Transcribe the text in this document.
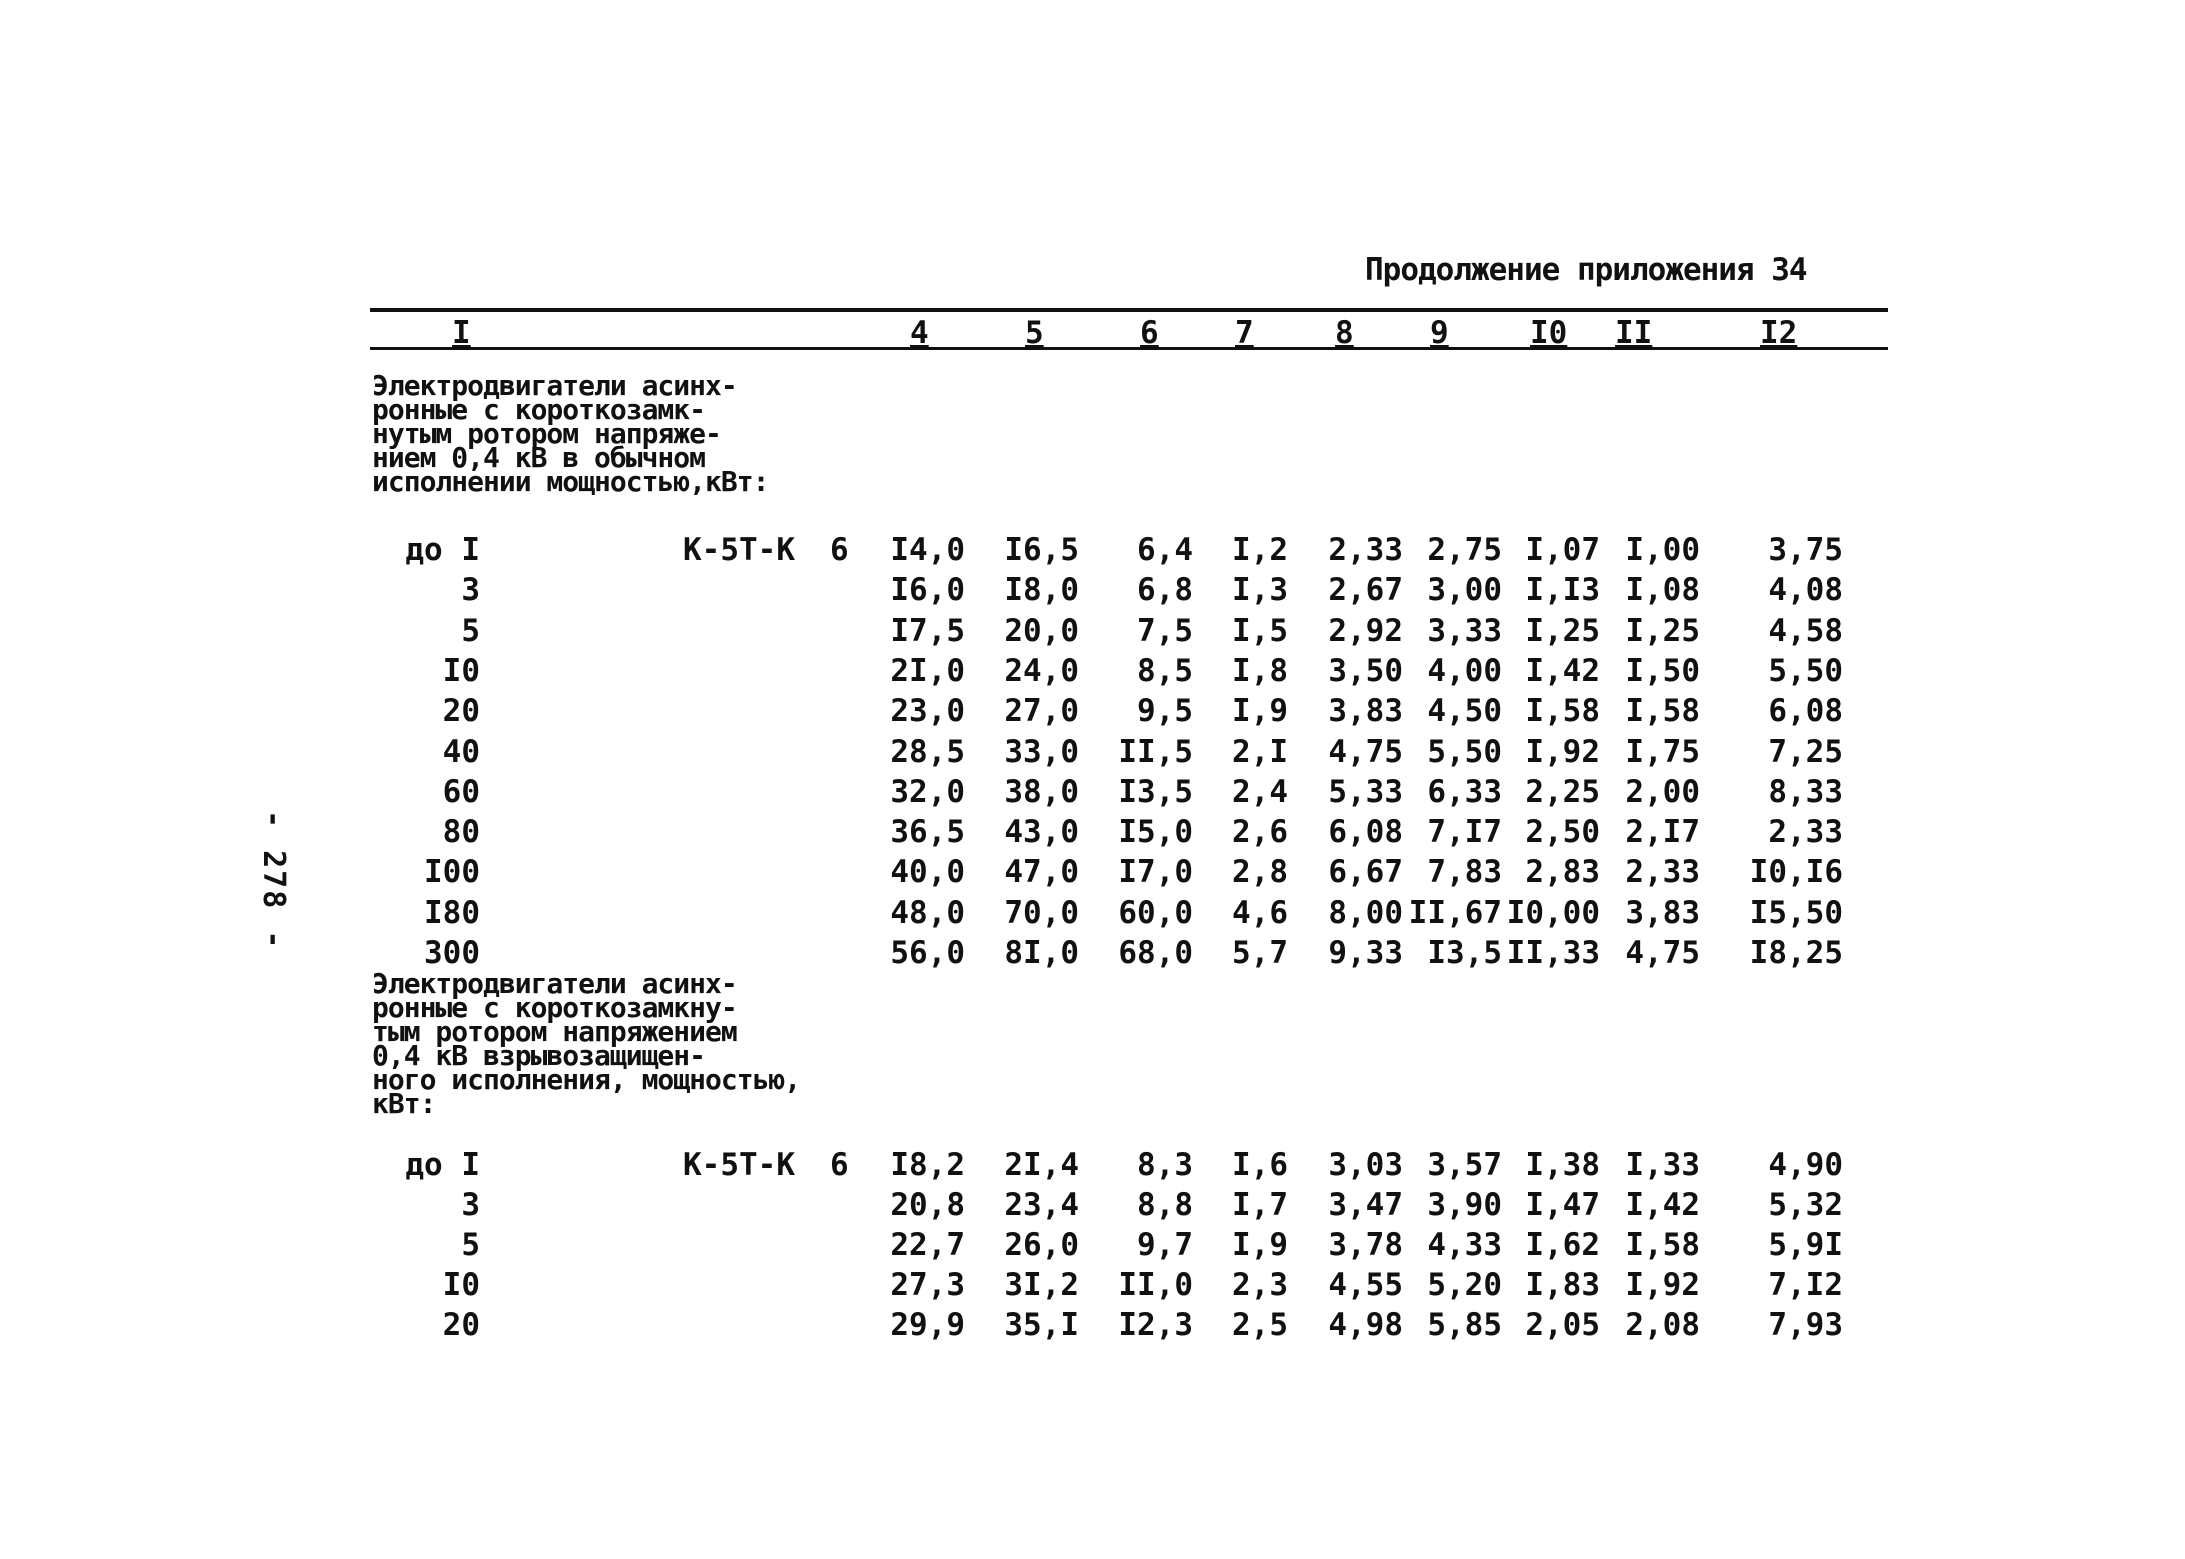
Продолжение приложения 34
- 278 -
I	4	5	6 7	8 9	I0 II	I2
Электродвигатели асинх-
ронные с короткозамк-
нутым ротором напряже-
нием 0,4 кВ в обычном
исполнении мощностью,кВт:
до I	К-5Т-К 6	I4,0 I6,5	6,4	I,2	2,33 2,75 I,07 I,00	3,75
3	I6,0 I8,0	6,8	I,3	2,67 3,00 I,I3 I,08	4,08
5	I7,5 20,0	7,5	I,5	2,92 3,33 I,25 I,25	4,58
I0	2I,0 24,0	8,5	I,8	3,50 4,00 I,42 I,50	5,50
20	23,0 27,0	9,5	I,9	3,83 4,50 I,58 I,58	6,08
40	28,5 33,0	II,5	2,I	4,75 5,50 I,92 I,75	7,25
60	32,0 38,0	I3,5	2,4	5,33 6,33 2,25 2,00	8,33
80	36,5 43,0	I5,0	2,6	6,08 7,I7 2,50 2,I7	2,33
I00	40,0 47,0	I7,0	2,8	6,67 7,83 2,83 2,33	I0,I6
I80	48,0 70,0	60,0	4,6	8,00 II,67 I0,00 3,83	I5,50
300	56,0 8I,0	68,0	5,7	9,33 I3,5 II,33 4,75	I8,25
Электродвигатели асинх-
ронные с короткозамкну-
тым ротором напряжением
0,4 кВ взрывозащищен-
ного исполнения, мощностью,
кВт:
до I	К-5Т-К 6	I8,2 2I,4	8,3	I,6	3,03 3,57 I,38 I,33	4,90
3	20,8 23,4	8,8	I,7	3,47 3,90 I,47 I,42	5,32
5	22,7 26,0	9,7	I,9	3,78 4,33 I,62 I,58	5,9I
I0	27,3 3I,2	II,0	2,3	4,55 5,20 I,83 I,92	7,I2
20	29,9 35,I	I2,3	2,5	4,98 5,85 2,05 2,08	7,93
